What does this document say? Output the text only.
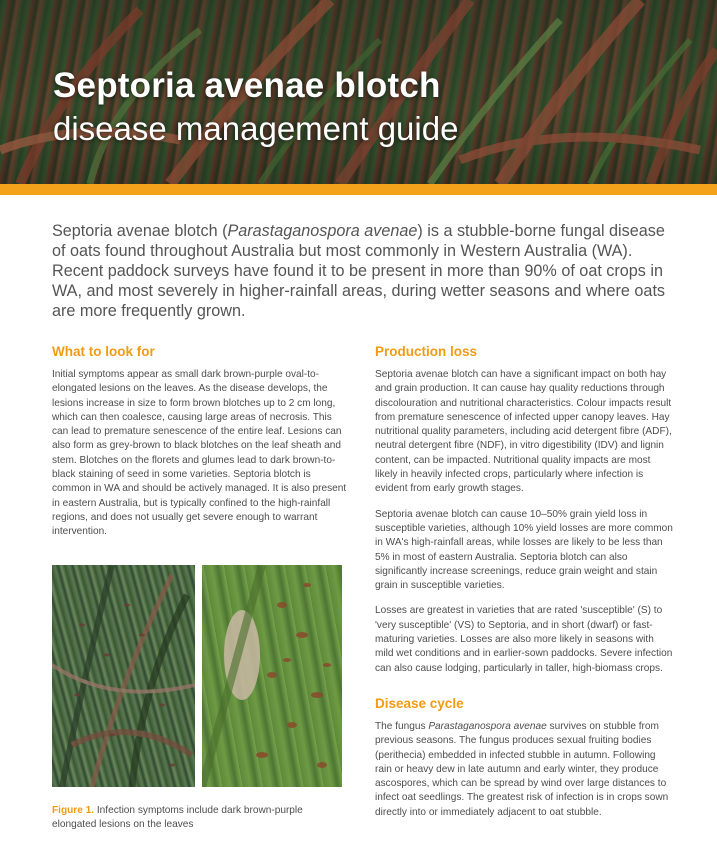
Septoria avenae blotch
disease management guide

Septoria avenae blotch (Parastaganospora avenae) is a stubble-borne fungal disease of oats found throughout Australia but most commonly in Western Australia (WA). Recent paddock surveys have found it to be present in more than 90% of oat crops in WA, and most severely in higher-rainfall areas, during wetter seasons and where oats are more frequently grown.

What to look for

Initial symptoms appear as small dark brown-purple oval-to-elongated lesions on the leaves. As the disease develops, the lesions increase in size to form brown blotches up to 2 cm long, which can then coalesce, causing large areas of necrosis. This can lead to premature senescence of the entire leaf. Lesions can also form as grey-brown to black blotches on the leaf sheath and stem. Blotches on the florets and glumes lead to dark brown-to-black staining of seed in some varieties. Septoria blotch is common in WA and should be actively managed. It is also present in eastern Australia, but is typically confined to the high-rainfall regions, and does not usually get severe enough to warrant intervention.

Figure 1. Infection symptoms include dark brown-purple elongated lesions on the leaves

Production loss

Septoria avenae blotch can have a significant impact on both hay and grain production. It can cause hay quality reductions through discolouration and nutritional characteristics. Colour impacts result from premature senescence of infected upper canopy leaves. Hay nutritional quality parameters, including acid detergent fibre (ADF), neutral detergent fibre (NDF), in vitro digestibility (IDV) and lignin content, can be impacted. Nutritional quality impacts are most likely in heavily infected crops, particularly where infection is evident from early growth stages.

Septoria avenae blotch can cause 10–50% grain yield loss in susceptible varieties, although 10% yield losses are more common in WA's high-rainfall areas, while losses are likely to be less than 5% in most of eastern Australia. Septoria blotch can also significantly increase screenings, reduce grain weight and stain grain in susceptible varieties.

Losses are greatest in varieties that are rated 'susceptible' (S) to 'very susceptible' (VS) to Septoria, and in short (dwarf) or fast-maturing varieties. Losses are also more likely in seasons with mild wet conditions and in earlier-sown paddocks. Severe infection can also cause lodging, particularly in taller, high-biomass crops.

Disease cycle

The fungus Parastaganospora avenae survives on stubble from previous seasons. The fungus produces sexual fruiting bodies (perithecia) embedded in infected stubble in autumn. Following rain or heavy dew in late autumn and early winter, they produce ascospores, which can be spread by wind over large distances to infect oat seedlings. The greatest risk of infection is in crops sown directly into or immediately adjacent to oat stubble.
